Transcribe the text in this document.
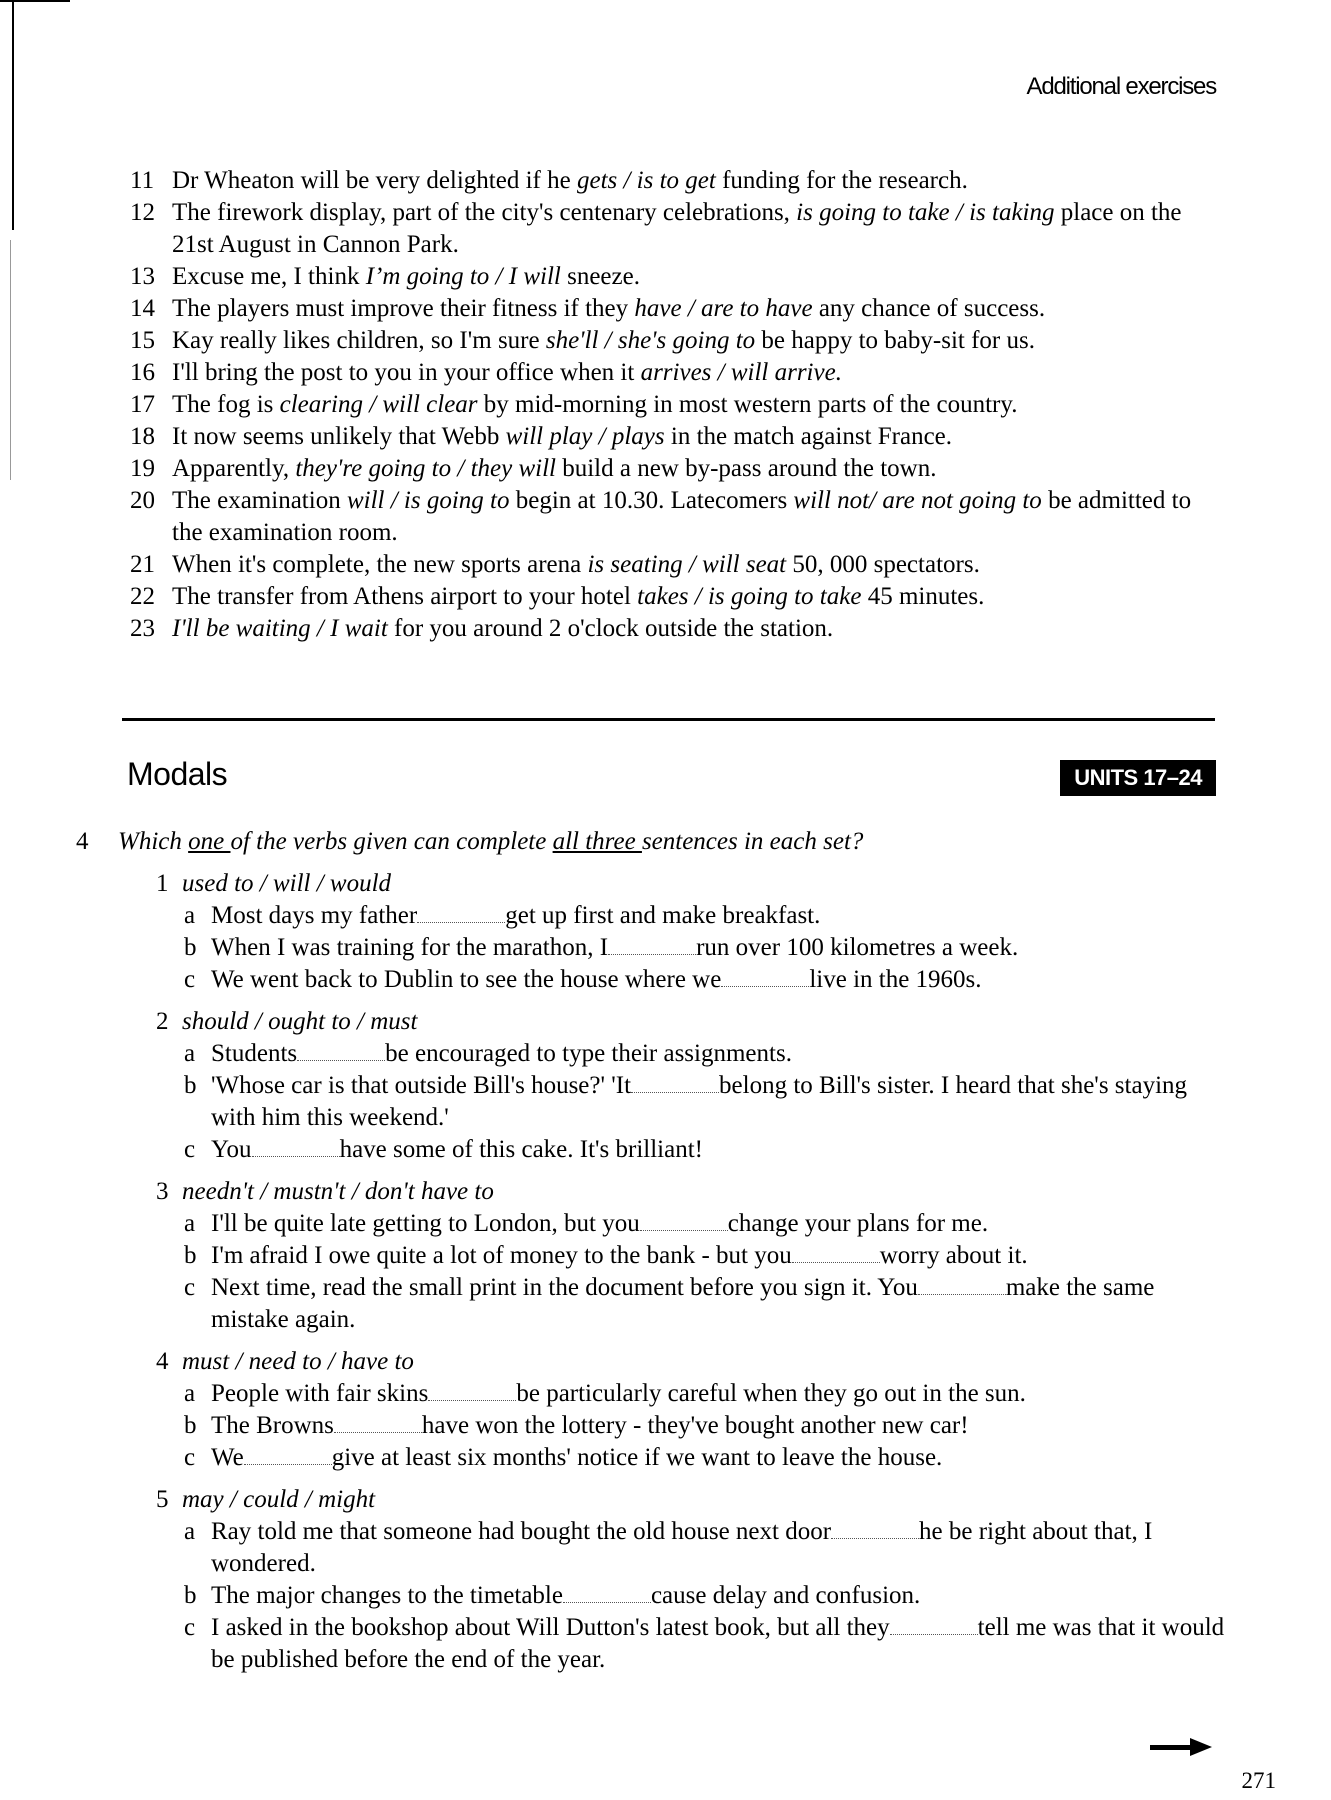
Additional exercises
11 Dr Wheaton will be very delighted if he gets / is to get funding for the research.
12 The firework display, part of the city's centenary celebrations, is going to take / is taking place on the 21st August in Cannon Park.
13 Excuse me, I think I’m going to / I will sneeze.
14 The players must improve their fitness if they have / are to have any chance of success.
15 Kay really likes children, so I'm sure she'll / she's going to be happy to baby-sit for us.
16 I'll bring the post to you in your office when it arrives / will arrive.
17 The fog is clearing / will clear by mid-morning in most western parts of the country.
18 It now seems unlikely that Webb will play / plays in the match against France.
19 Apparently, they're going to / they will build a new by-pass around the town.
20 The examination will / is going to begin at 10.30. Latecomers will not/ are not going to be admitted to the examination room.
21 When it's complete, the new sports arena is seating / will seat 50, 000 spectators.
22 The transfer from Athens airport to your hotel takes / is going to take 45 minutes.
23 I'll be waiting / I wait for you around 2 o'clock outside the station.
Modals	UNITS 17–24
4 Which one of the verbs given can complete all three sentences in each set?
1 used to / will / would
a Most days my father	get up first and make breakfast.
b When I was training for the marathon, I	run over 100 kilometres a week.
c We went back to Dublin to see the house where we	live in the 1960s.
2 should / ought to / must
a Students	be encouraged to type their assignments.
b 'Whose car is that outside Bill's house?' 'It	belong to Bill's sister. I heard that she's staying with him this weekend.'
c You	have some of this cake. It's brilliant!
3 needn't / mustn't / don't have to
a I'll be quite late getting to London, but you	change your plans for me.
b I'm afraid I owe quite a lot of money to the bank - but you	worry about it.
c Next time, read the small print in the document before you sign it. You	make the same mistake again.
4 must / need to / have to
a People with fair skins	be particularly careful when they go out in the sun.
b The Browns	have won the lottery - they've bought another new car!
c We	give at least six months' notice if we want to leave the house.
5 may / could / might
a Ray told me that someone had bought the old house next door	he be right about that, I wondered.
b The major changes to the timetable	cause delay and confusion.
c I asked in the bookshop about Will Dutton's latest book, but all they	tell me was that it would be published before the end of the year.
271
